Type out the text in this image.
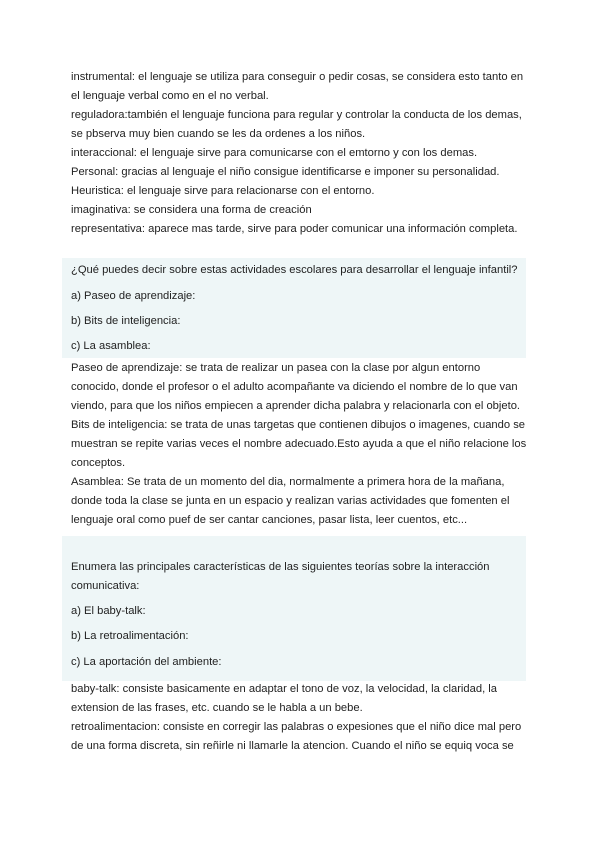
instrumental: el lenguaje se utiliza para conseguir o pedir cosas, se considera esto tanto en
el lenguaje verbal como en el no verbal.
reguladora:también el lenguaje funciona para regular y controlar la conducta de los demas,
se pbserva muy bien cuando se les da ordenes a los niños.
interaccional: el lenguaje sirve para comunicarse con el emtorno y con los demas.
Personal: gracias al lenguaje el niño consigue identificarse e imponer su personalidad.
Heuristica: el lenguaje sirve para relacionarse con el entorno.
imaginativa: se considera una forma de creación
representativa: aparece mas tarde, sirve para poder comunicar una información completa.
¿Qué puedes decir sobre estas actividades escolares para desarrollar el lenguaje infantil?
a) Paseo de aprendizaje:
b) Bits de inteligencia:
c) La asamblea:
Paseo de aprendizaje: se trata de realizar un pasea con la clase por algun entorno
conocido, donde el profesor o el adulto acompañante va diciendo el nombre de lo que van
viendo, para que los niños empiecen a aprender dicha palabra y relacionarla con el objeto.
Bits de inteligencia: se trata de unas targetas que contienen dibujos o imagenes, cuando se
muestran se repite varias veces el nombre adecuado.Esto ayuda a que el niño relacione los
conceptos.
Asamblea: Se trata de un momento del dia, normalmente a primera hora de la mañana,
donde toda la clase se junta en un espacio y realizan varias actividades que fomenten el
lenguaje oral como puef de ser cantar canciones, pasar lista, leer cuentos, etc...
Enumera las principales características de las siguientes teorías sobre la interacción
comunicativa:
a) El baby-talk:
b) La retroalimentación:
c) La aportación del ambiente:
baby-talk: consiste basicamente en adaptar el tono de voz, la velocidad, la claridad, la
extension de las frases, etc. cuando se le habla a un bebe.
retroalimentacion: consiste en corregir las palabras o expesiones que el niño dice mal pero
de una forma discreta, sin reñirle ni llamarle la atencion. Cuando el niño se equiq voca se
